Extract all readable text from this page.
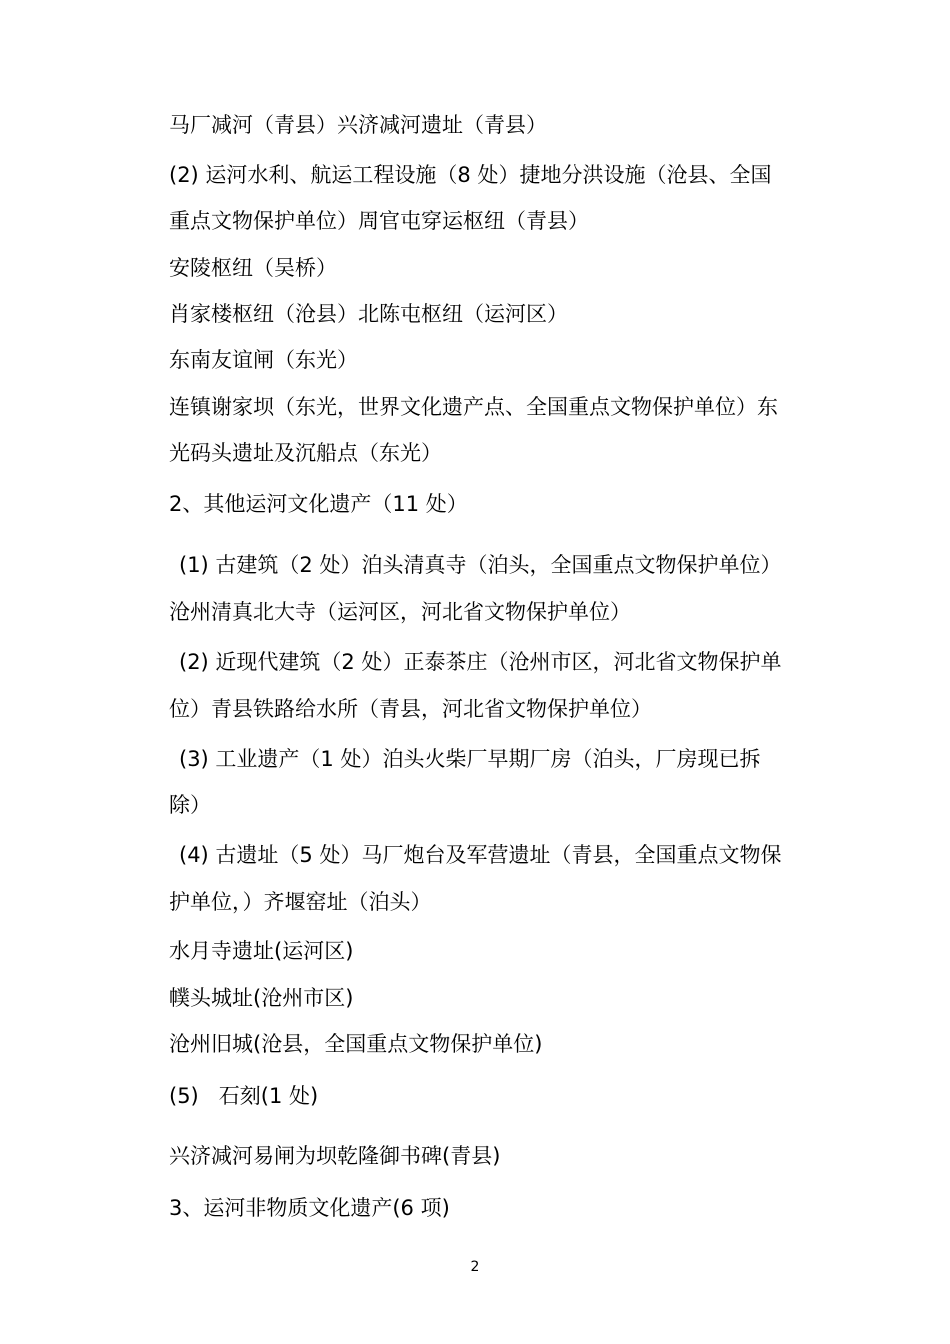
马厂减河（青县）兴济减河遗址（青县）
(2) 运河水利、航运工程设施（8 处）捷地分洪设施（沧县、全国
重点文物保护单位）周官屯穿运枢纽（青县）
安陵枢纽（吴桥）
肖家楼枢纽（沧县）北陈屯枢纽（运河区）
东南友谊闸（东光）
连镇谢家坝（东光，世界文化遗产点、全国重点文物保护单位）东
光码头遗址及沉船点（东光）
2、其他运河文化遗产（11 处）
(1) 古建筑（2 处）泊头清真寺（泊头，全国重点文物保护单位）
沧州清真北大寺（运河区，河北省文物保护单位）
(2) 近现代建筑（2 处）正泰茶庄（沧州市区，河北省文物保护单
位）青县铁路给水所（青县，河北省文物保护单位）
(3) 工业遗产（1 处）泊头火柴厂早期厂房（泊头，厂房现已拆
除）
(4) 古遗址（5 处）马厂炮台及军营遗址（青县，全国重点文物保
护单位，）齐堰窑址（泊头）
水月寺遗址(运河区)
幞头城址(沧州市区)
沧州旧城(沧县，全国重点文物保护单位)
(5)   石刻(1 处)
兴济减河易闸为坝乾隆御书碑(青县)
3、运河非物质文化遗产(6 项)
2
